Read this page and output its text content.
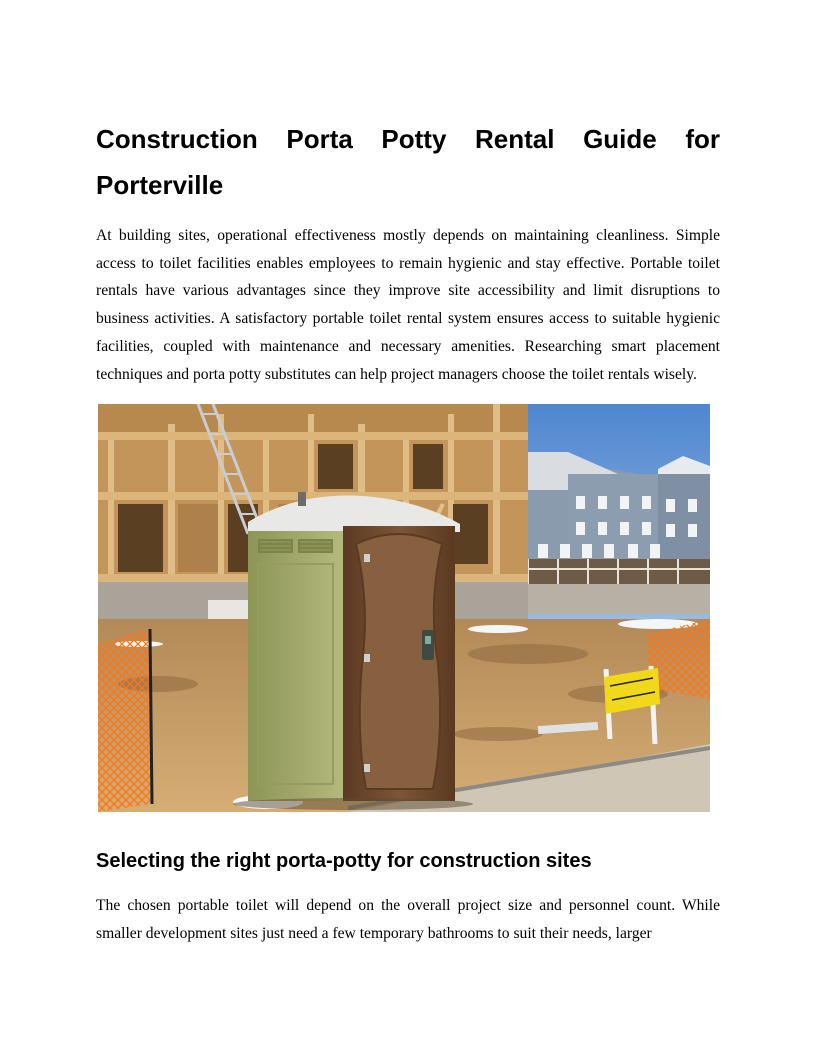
Construction Porta Potty Rental Guide for Porterville

At building sites, operational effectiveness mostly depends on maintaining cleanliness. Simple access to toilet facilities enables employees to remain hygienic and stay effective. Portable toilet rentals have various advantages since they improve site accessibility and limit disruptions to business activities. A satisfactory portable toilet rental system ensures access to suitable hygienic facilities, coupled with maintenance and necessary amenities. Researching smart placement techniques and porta potty substitutes can help project managers choose the toilet rentals wisely.

Selecting the right porta-potty for construction sites

The chosen portable toilet will depend on the overall project size and personnel count. While smaller development sites just need a few temporary bathrooms to suit their needs, larger
